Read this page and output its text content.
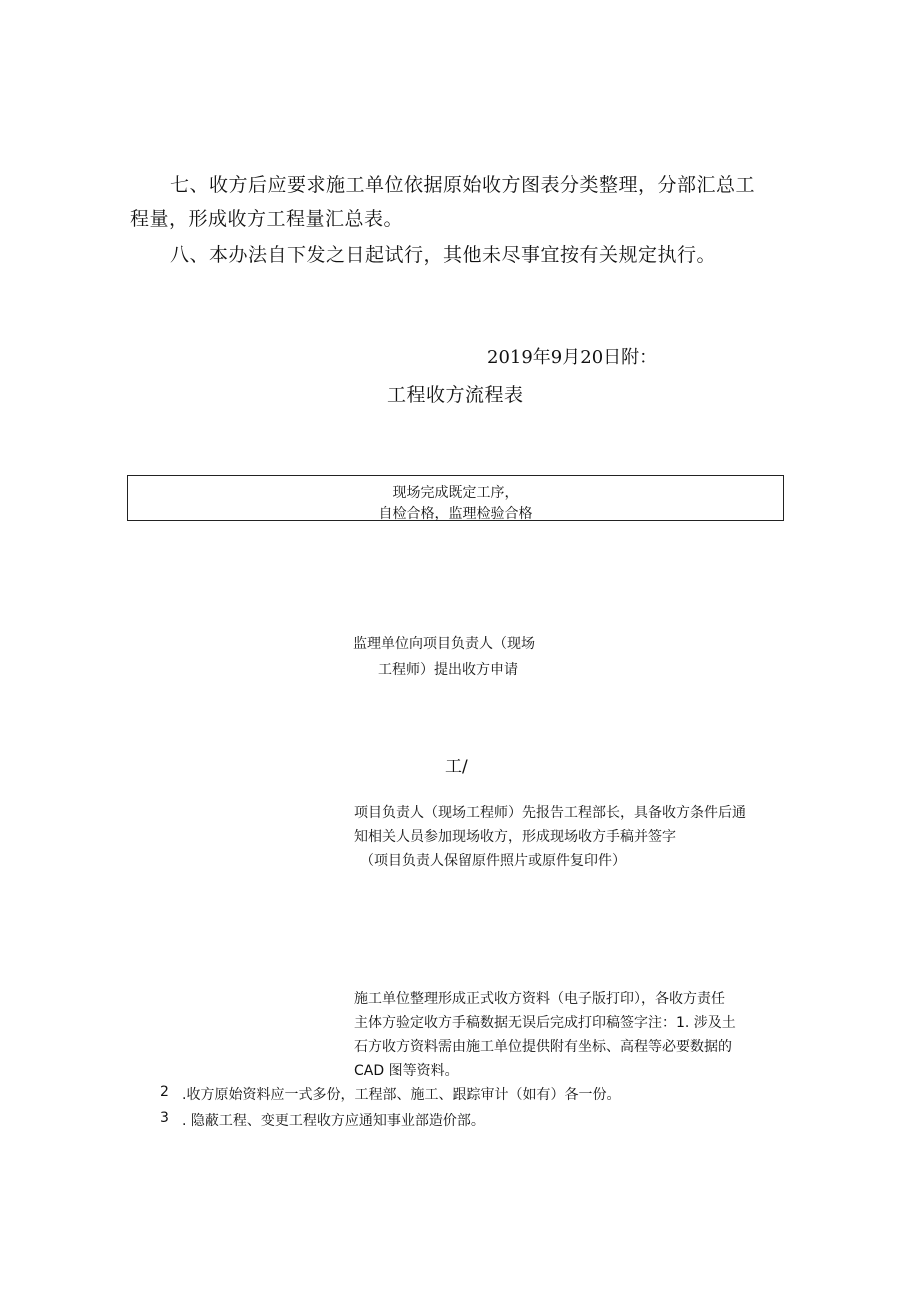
七、收方后应要求施工单位依据原始收方图表分类整理，分部汇总工
程量，形成收方工程量汇总表。
八、本办法自下发之日起试行，其他未尽事宜按有关规定执行。
2019年9月20日附：
工程收方流程表
现场完成既定工序，
自检合格，监理检验合格
监理单位向项目负责人（现场
工程师）提出收方申请
工/
项目负责人（现场工程师）先报告工程部长，具备收方条件后通
知相关人员参加现场收方，形成现场收方手稿并签字
（项目负责人保留原件照片或原件复印件）
施工单位整理形成正式收方资料（电子版打印），各收方责任
主体方验定收方手稿数据无误后完成打印稿签字注：1. 涉及土
石方收方资料需由施工单位提供附有坐标、高程等必要数据的
CAD 图等资料。
2 .收方原始资料应一式多份，工程部、施工、跟踪审计（如有）各一份。
3 . 隐蔽工程、变更工程收方应通知事业部造价部。
